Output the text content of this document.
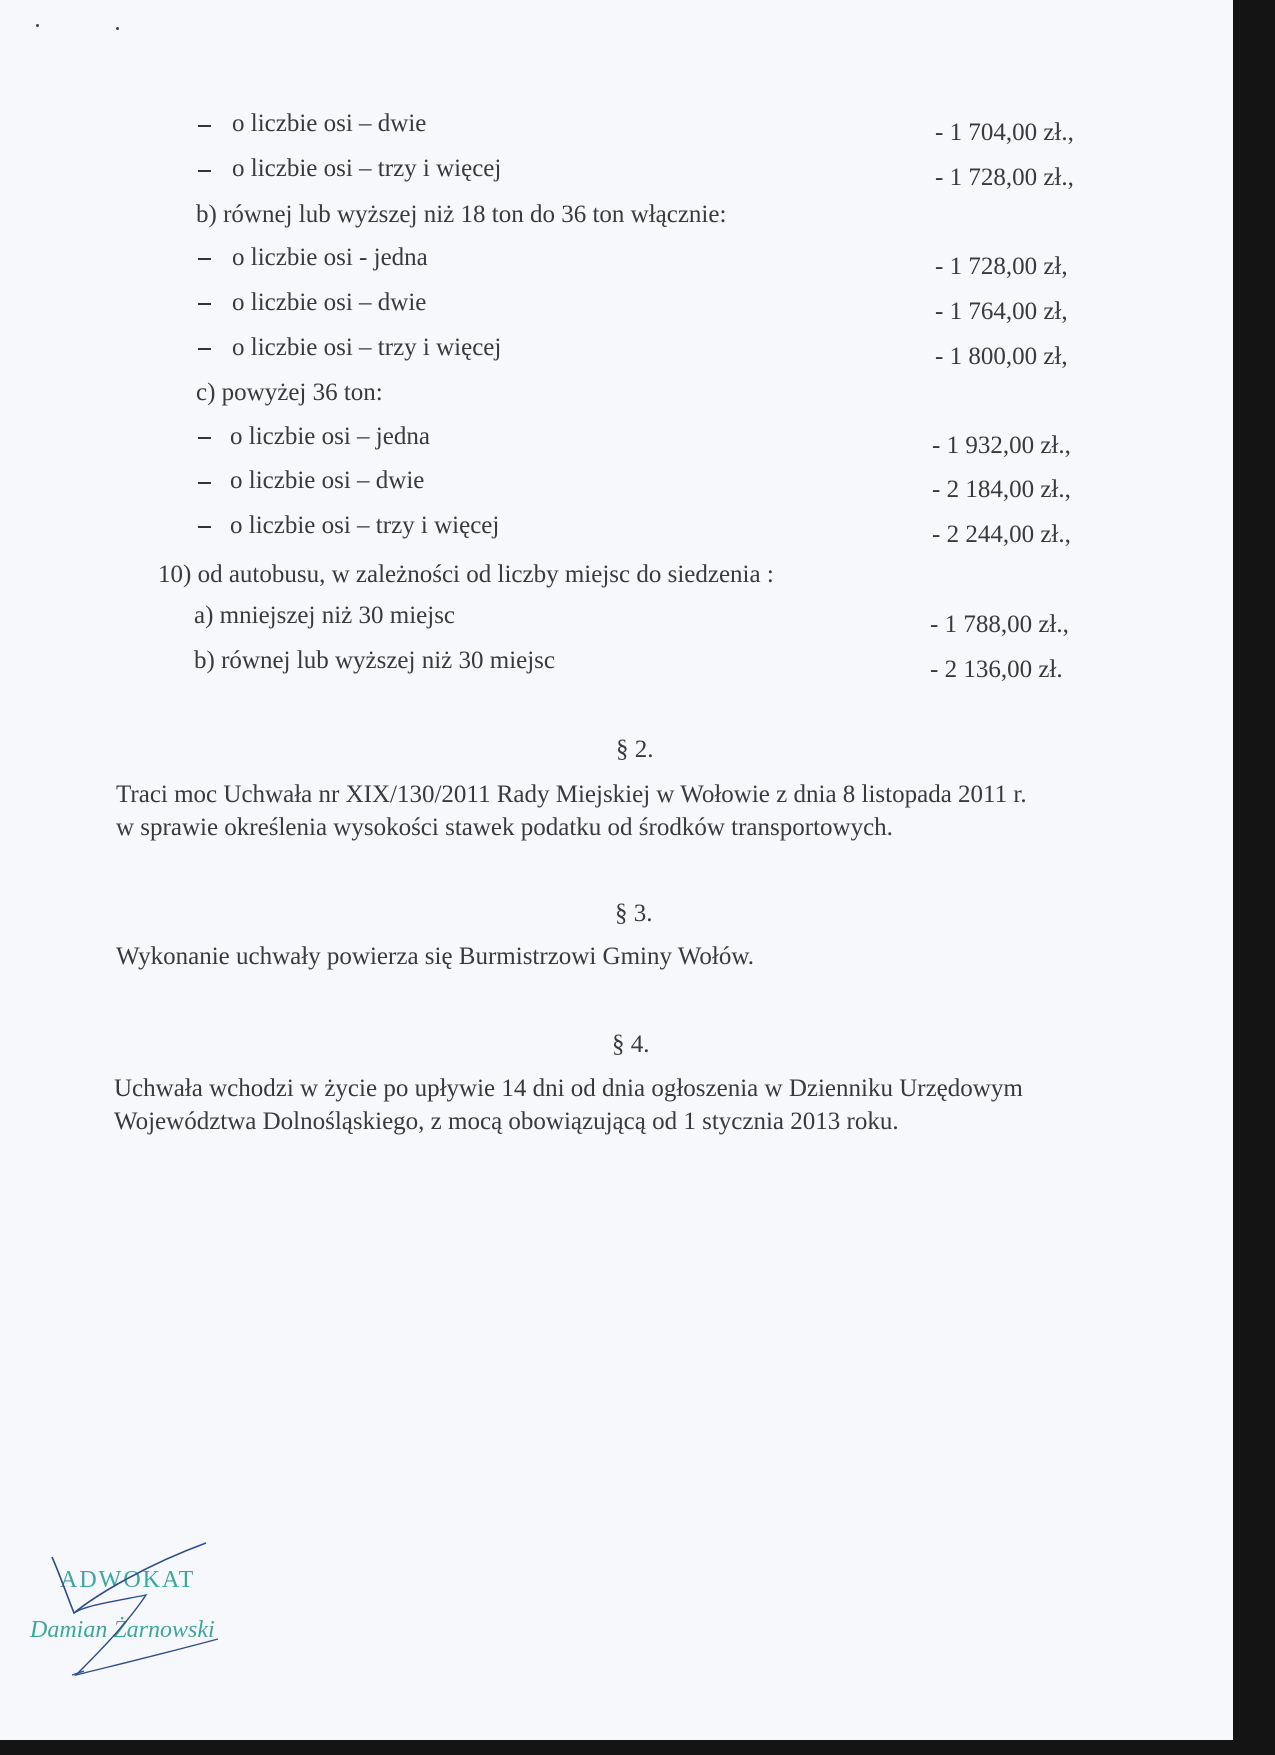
o liczbie osi – dwie	- 1 704,00 zł.,
o liczbie osi – trzy i więcej	- 1 728,00 zł.,
b) równej lub wyższej niż 18 ton do 36 ton włącznie:
o liczbie osi - jedna	- 1 728,00 zł,
o liczbie osi – dwie	- 1 764,00 zł,
o liczbie osi – trzy i więcej	- 1 800,00 zł,
c) powyżej 36 ton:
o liczbie osi – jedna	- 1 932,00 zł.,
o liczbie osi – dwie	- 2 184,00 zł.,
o liczbie osi – trzy i więcej	- 2 244,00 zł.,
10) od autobusu, w zależności od liczby miejsc do siedzenia :
a) mniejszej niż 30 miejsc	- 1 788,00 zł.,
b) równej lub wyższej niż 30 miejsc	- 2 136,00 zł.
§ 2.
Traci moc Uchwała nr XIX/130/2011 Rady Miejskiej w Wołowie z dnia 8 listopada 2011 r.
w sprawie określenia wysokości stawek podatku od środków transportowych.
§ 3.
Wykonanie uchwały powierza się Burmistrzowi Gminy Wołów.
§ 4.
Uchwała wchodzi w życie po upływie 14 dni od dnia ogłoszenia w Dzienniku Urzędowym
Województwa Dolnośląskiego, z mocą obowiązującą od 1 stycznia 2013 roku.
ADWOKAT
Damian Żarnowski
